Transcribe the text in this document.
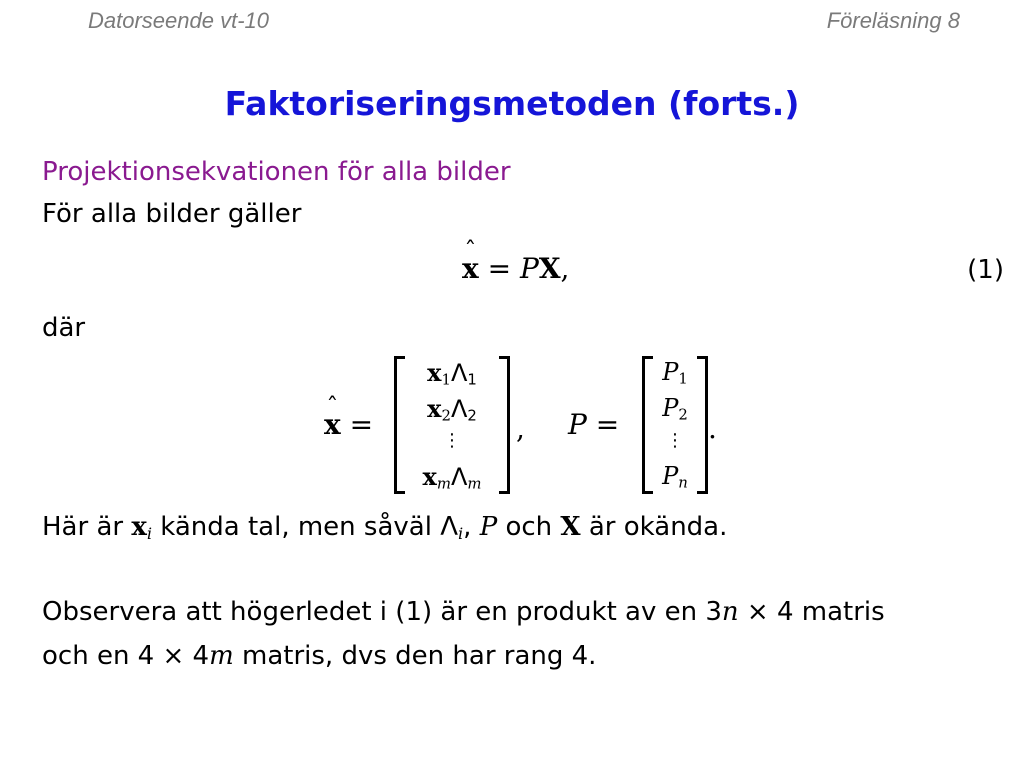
Datorseende vt-10	Föreläsning 8
Faktoriseringsmetoden (forts.)
Projektionsekvationen för alla bilder
För alla bilder gäller
ˆ x = PX,	(1)
där
ˆ x =
$x_1\Lambda_1$
$x_2\Lambda_2$
⋮
$x_m\Lambda_m$
, P =
$P_1$
$P_2$
⋮
$P_n$
.
Här är $x_i$ kända tal, men såväl $\Lambda_i$, P och X är okända.
Observera att högerledet i (1) är en produkt av en 3n × 4 matris
och en 4 × 4m matris, dvs den har rang 4.
